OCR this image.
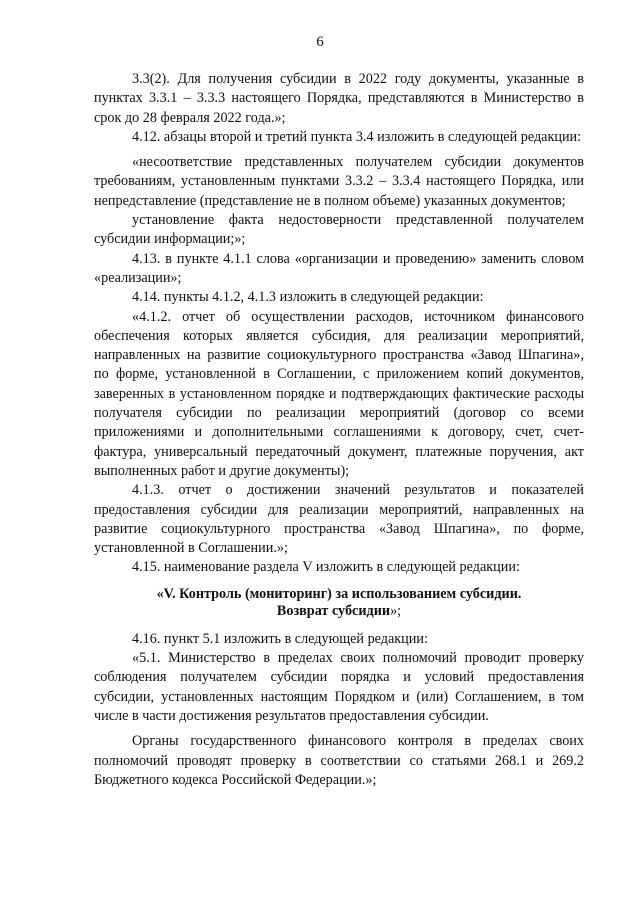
6

3.3(2). Для получения субсидии в 2022 году документы, указанные в пунктах 3.3.1 – 3.3.3 настоящего Порядка, представляются в Министерство в срок до 28 февраля 2022 года.»;

4.12. абзацы второй и третий пункта 3.4 изложить в следующей редакции:

«несоответствие представленных получателем субсидии документов требованиям, установленным пунктами 3.3.2 – 3.3.4 настоящего Порядка, или непредставление (представление не в полном объеме) указанных документов;

установление факта недостоверности представленной получателем субсидии информации;»;

4.13. в пункте 4.1.1 слова «организации и проведению» заменить словом «реализации»;

4.14. пункты 4.1.2, 4.1.3 изложить в следующей редакции:

«4.1.2. отчет об осуществлении расходов, источником финансового обеспечения которых является субсидия, для реализации мероприятий, направленных на развитие социокультурного пространства «Завод Шпагина», по форме, установленной в Соглашении, с приложением копий документов, заверенных в установленном порядке и подтверждающих фактические расходы получателя субсидии по реализации мероприятий (договор со всеми приложениями и дополнительными соглашениями к договору, счет, счет-фактура, универсальный передаточный документ, платежные поручения, акт выполненных работ и другие документы);

4.1.3. отчет о достижении значений результатов и показателей предоставления субсидии для реализации мероприятий, направленных на развитие социокультурного пространства «Завод Шпагина», по форме, установленной в Соглашении.»;

4.15. наименование раздела V изложить в следующей редакции:

«V. Контроль (мониторинг) за использованием субсидии.
Возврат субсидии»;

4.16. пункт 5.1 изложить в следующей редакции:

«5.1. Министерство в пределах своих полномочий проводит проверку соблюдения получателем субсидии порядка и условий предоставления субсидии, установленных настоящим Порядком и (или) Соглашением, в том числе в части достижения результатов предоставления субсидии.

Органы государственного финансового контроля в пределах своих полномочий проводят проверку в соответствии со статьями 268.1 и 269.2 Бюджетного кодекса Российской Федерации.»;
